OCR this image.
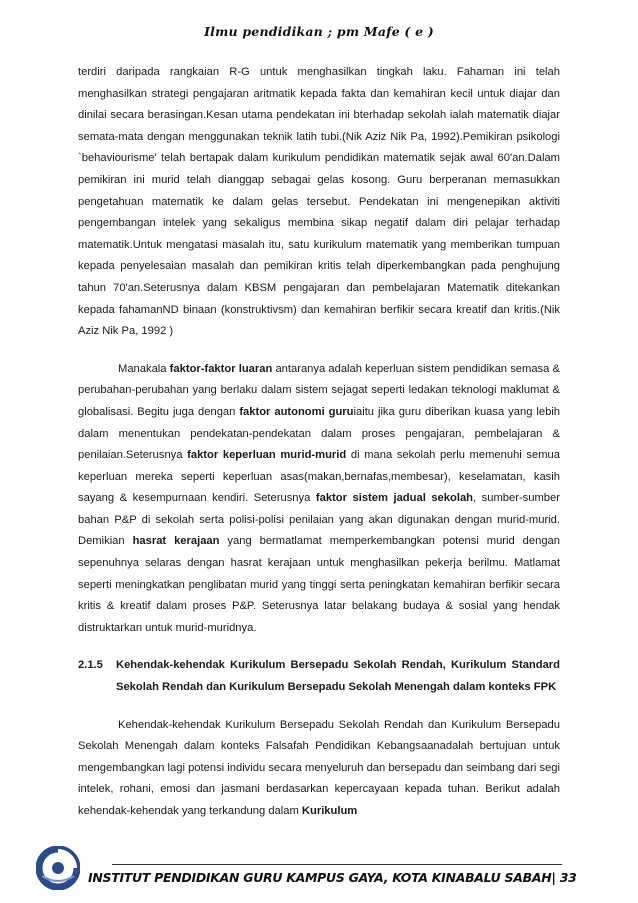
Ilmu pendidikan ; pm Mafe ( e )

terdiri daripada rangkaian R-G untuk menghasilkan tingkah laku. Fahaman ini telah menghasilkan strategi pengajaran aritmatik kepada fakta dan kemahiran kecil untuk diajar dan dinilai secara berasingan.Kesan utama pendekatan ini bterhadap sekolah ialah matematik diajar semata-mata dengan menggunakan teknik latih tubi.(Nik Aziz Nik Pa, 1992).Pemikiran psikologi `behaviourisme' telah bertapak dalam kurikulum pendidikan matematik sejak awal 60'an.Dalam pemikiran ini murid telah dianggap sebagai gelas kosong. Guru berperanan memasukkan pengetahuan matematik ke dalam gelas tersebut. Pendekatan ini mengenepikan aktiviti pengembangan intelek yang sekaligus membina sikap negatif dalam diri pelajar terhadap matematik.Untuk mengatasi masalah itu, satu kurikulum matematik yang memberikan tumpuan kepada penyelesaian masalah dan pemikiran kritis telah diperkembangkan pada penghujung tahun 70'an.Seterusnya dalam KBSM pengajaran dan pembelajaran Matematik ditekankan kepada fahamanND binaan (konstruktivsm) dan kemahiran berfikir secara kreatif dan kritis.(Nik Aziz Nik Pa, 1992 )

Manakala faktor-faktor luaran antaranya adalah keperluan sistem pendidikan semasa & perubahan-perubahan yang berlaku dalam sistem sejagat seperti ledakan teknologi maklumat & globalisasi. Begitu juga dengan faktor autonomi guruiaitu jika guru diberikan kuasa yang lebih dalam menentukan pendekatan-pendekatan dalam proses pengajaran, pembelajaran & penilaian.Seterusnya faktor keperluan murid-murid di mana sekolah perlu memenuhi semua keperluan mereka seperti keperluan asas(makan,bernafas,membesar), keselamatan, kasih sayang & kesempurnaan kendiri. Seterusnya faktor sistem jadual sekolah, sumber-sumber bahan P&P di sekolah serta polisi-polisi penilaian yang akan digunakan dengan murid-murid. Demikian hasrat kerajaan yang bermatlamat memperkembangkan potensi murid dengan sepenuhnya selaras dengan hasrat kerajaan untuk menghasilkan pekerja berilmu. Matlamat seperti meningkatkan penglibatan murid yang tinggi serta peningkatan kemahiran berfikir secara kritis & kreatif dalam proses P&P. Seterusnya latar belakang budaya & sosial yang hendak distruktarkan untuk murid-muridnya.

2.1.5	Kehendak-kehendak Kurikulum Bersepadu Sekolah Rendah, Kurikulum Standard Sekolah Rendah dan Kurikulum Bersepadu Sekolah Menengah dalam konteks FPK

Kehendak-kehendak Kurikulum Bersepadu Sekolah Rendah dan Kurikulum Bersepadu Sekolah Menengah dalam konteks Falsafah Pendidikan Kebangsaanadalah bertujuan untuk mengembangkan lagi potensi individu secara menyeluruh dan bersepadu dan seimbang dari segi intelek, rohani, emosi dan jasmani berdasarkan kepercayaan kepada tuhan. Berikut adalah kehendak-kehendak yang terkandung dalam Kurikulum

INSTITUT PENDIDIKAN GURU KAMPUS GAYA, KOTA KINABALU SABAH| 33
